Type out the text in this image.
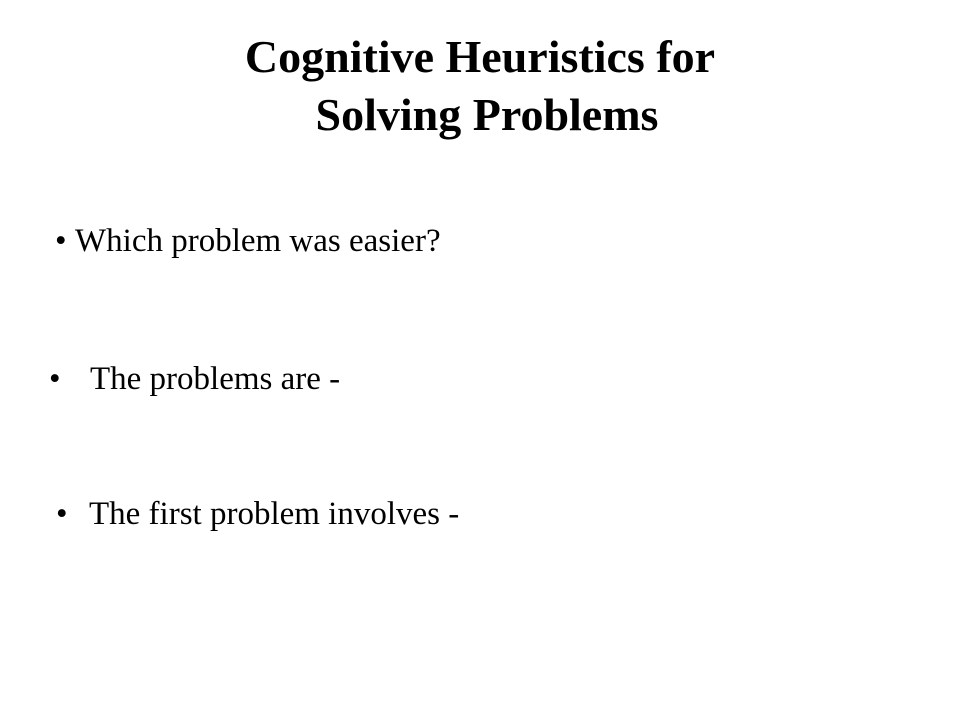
Cognitive Heuristics for
Solving Problems
• Which problem was easier?
• The problems are -
• The first problem involves -
